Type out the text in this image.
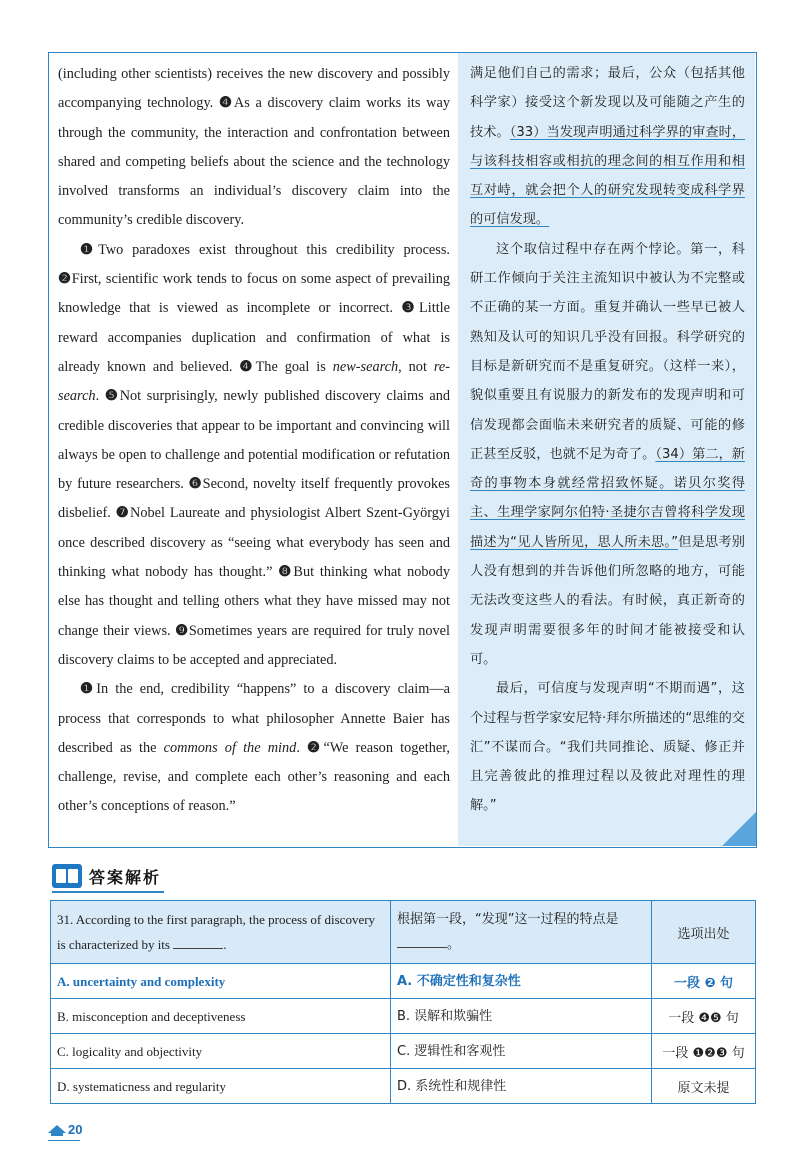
(including other scientists) receives the new discovery and possibly accompanying technology. ❹As a discovery claim works its way through the community, the interaction and confrontation between shared and competing beliefs about the science and the technology involved transforms an individual’s discovery claim into the community’s credible discovery.

❶Two paradoxes exist throughout this credibility process. ❷First, scientific work tends to focus on some aspect of prevailing knowledge that is viewed as incomplete or incorrect. ❸Little reward accompanies duplication and confirmation of what is already known and believed. ❹The goal is new-search, not re-search. ❺Not surprisingly, newly published discovery claims and credible discoveries that appear to be important and convincing will always be open to challenge and potential modification or refutation by future researchers. ❻Second, novelty itself frequently provokes disbelief. ❼Nobel Laureate and physiologist Albert Szent-Györgyi once described discovery as “seeing what everybody has seen and thinking what nobody has thought.” ❽But thinking what nobody else has thought and telling others what they have missed may not change their views. ❾Sometimes years are required for truly novel discovery claims to be accepted and appreciated.

❶In the end, credibility “happens” to a discovery claim—a process that corresponds to what philosopher Annette Baier has described as the commons of the mind. ❷“We reason together, challenge, revise, and complete each other’s reasoning and each other’s conceptions of reason.”

满足他们自己的需求；最后，公众（包括其他科学家）接受这个新发现以及可能随之产生的技术。（33）当发现声明通过科学界的审查时，与该科技相容或相抗的理念间的相互作用和相互对峙，就会把个人的研究发现转变成科学界的可信发现。

这个取信过程中存在两个悖论。第一，科研工作倾向于关注主流知识中被认为不完整或不正确的某一方面。重复并确认一些早已被人熟知及认可的知识几乎没有回报。科学研究的目标是新研究而不是重复研究。（这样一来），貌似重要且有说服力的新发布的发现声明和可信发现都会面临未来研究者的质疑、可能的修正甚至反驳，也就不足为奇了。（34）第二，新奇的事物本身就经常招致怀疑。诺贝尔奖得主、生理学家阿尔伯特·圣捷尔吉曾将科学发现描述为“见人皆所见，思人所未思。”但是思考别人没有想到的并告诉他们所忽略的地方，可能无法改变这些人的看法。有时候，真正新奇的发现声明需要很多年的时间才能被接受和认可。

最后，可信度与发现声明“不期而遇”，这个过程与哲学家安尼特·拜尔所描述的“思维的交汇”不谋而合。“我们共同推论、质疑、修正并且完善彼此的推理过程以及彼此对理性的理解。”

答案解析
31. According to the first paragraph, the process of discovery is characterized by its .	根据第一段，“发现”这一过程的特点是。	选项出处
A. uncertainty and complexity	A. 不确定性和复杂性	一段 ❷ 句
B. misconception and deceptiveness	B. 误解和欺骗性	一段 ❹❺ 句
C. logicality and objectivity	C. 逻辑性和客观性	一段 ❶❷❸ 句
D. systematicness and regularity	D. 系统性和规律性	原文未提
20
